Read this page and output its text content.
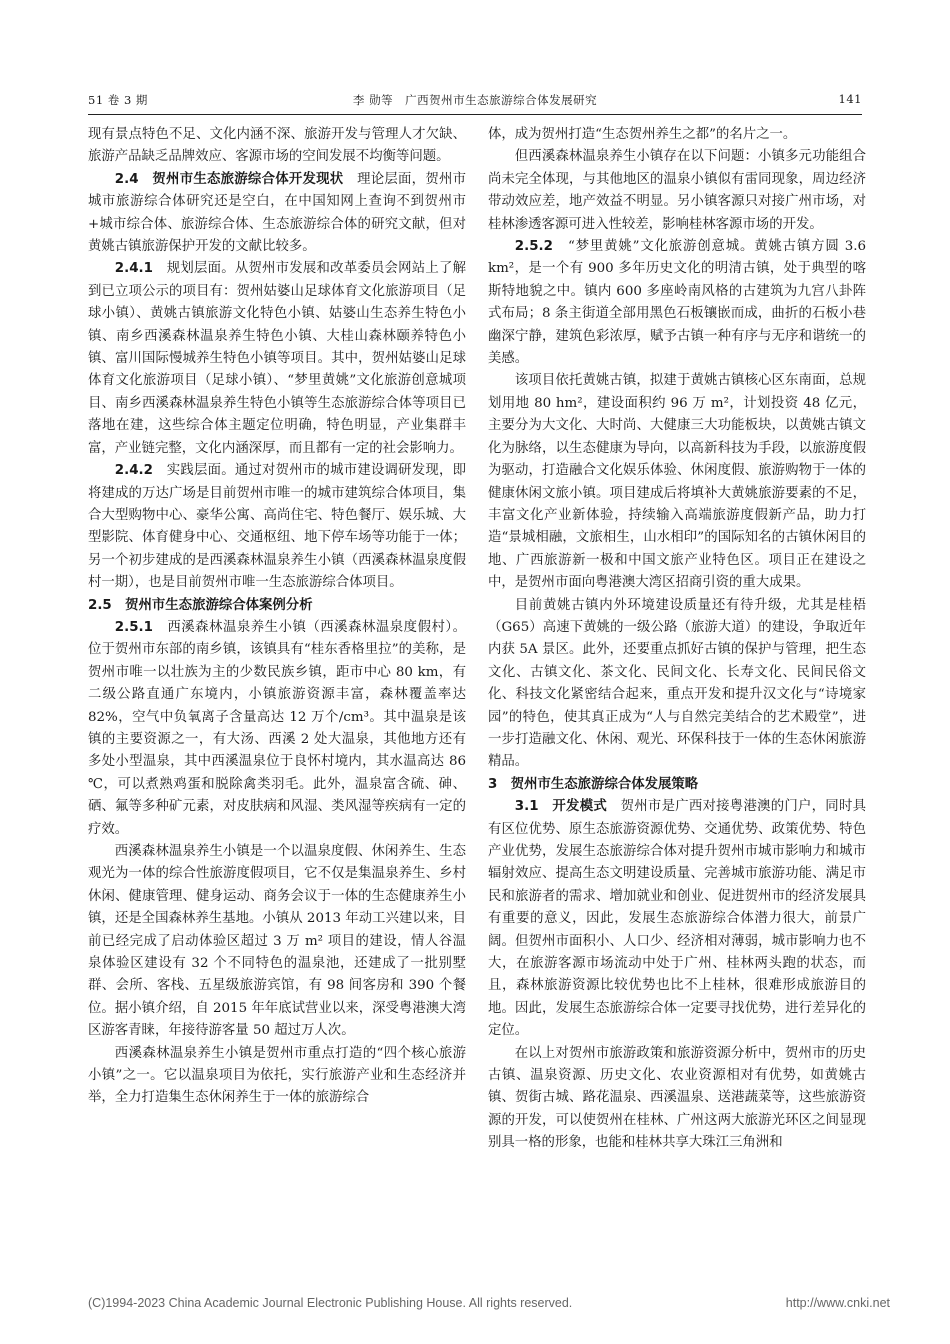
51 卷 3 期	李 勋等　广西贺州市生态旅游综合体发展研究	141

现有景点特色不足、文化内涵不深、旅游开发与管理人才欠缺、旅游产品缺乏品牌效应、客源市场的空间发展不均衡等问题。

2.4　贺州市生态旅游综合体开发现状　理论层面，贺州市城市旅游综合体研究还是空白，在中国知网上查询不到贺州市+城市综合体、旅游综合体、生态旅游综合体的研究文献，但对黄姚古镇旅游保护开发的文献比较多。

2.4.1　规划层面。从贺州市发展和改革委员会网站上了解到已立项公示的项目有：贺州姑婆山足球体育文化旅游项目（足球小镇）、黄姚古镇旅游文化特色小镇、姑婆山生态养生特色小镇、南乡西溪森林温泉养生特色小镇、大桂山森林颐养特色小镇、富川国际慢城养生特色小镇等项目。其中，贺州姑婆山足球体育文化旅游项目（足球小镇）、“梦里黄姚”文化旅游创意城项目、南乡西溪森林温泉养生特色小镇等生态旅游综合体等项目已落地在建，这些综合体主题定位明确，特色明显，产业集群丰富，产业链完整，文化内涵深厚，而且都有一定的社会影响力。

2.4.2　实践层面。通过对贺州市的城市建设调研发现，即将建成的万达广场是目前贺州市唯一的城市建筑综合体项目，集合大型购物中心、豪华公寓、高尚住宅、特色餐厅、娱乐城、大型影院、体育健身中心、交通枢纽、地下停车场等功能于一体；另一个初步建成的是西溪森林温泉养生小镇（西溪森林温泉度假村一期），也是目前贺州市唯一生态旅游综合体项目。

2.5　贺州市生态旅游综合体案例分析

2.5.1　西溪森林温泉养生小镇（西溪森林温泉度假村）。位于贺州市东部的南乡镇，该镇具有“桂东香格里拉”的美称，是贺州市唯一以壮族为主的少数民族乡镇，距市中心 80 km，有二级公路直通广东境内，小镇旅游资源丰富，森林覆盖率达 82%，空气中负氧离子含量高达 12 万个/cm³。其中温泉是该镇的主要资源之一，有大汤、西溪 2 处大温泉，其他地方还有多处小型温泉，其中西溪温泉位于良怀村境内，其水温高达 86 ℃，可以煮熟鸡蛋和脱除禽类羽毛。此外，温泉富含硫、砷、硒、氟等多种矿元素，对皮肤病和风湿、类风湿等疾病有一定的疗效。

西溪森林温泉养生小镇是一个以温泉度假、休闲养生、生态观光为一体的综合性旅游度假项目，它不仅是集温泉养生、乡村休闲、健康管理、健身运动、商务会议于一体的生态健康养生小镇，还是全国森林养生基地。小镇从 2013 年动工兴建以来，目前已经完成了启动体验区超过 3 万 m² 项目的建设，情人谷温泉体验区建设有 32 个不同特色的温泉池，还建成了一批别墅群、会所、客栈、五星级旅游宾馆，有 98 间客房和 390 个餐位。据小镇介绍，自 2015 年年底试营业以来，深受粤港澳大湾区游客青睐，年接待游客量 50 超过万人次。

西溪森林温泉养生小镇是贺州市重点打造的“四个核心旅游小镇”之一。它以温泉项目为依托，实行旅游产业和生态经济并举，全力打造集生态休闲养生于一体的旅游综合

体，成为贺州打造“生态贺州养生之都”的名片之一。

但西溪森林温泉养生小镇存在以下问题：小镇多元功能组合尚未完全体现，与其他地区的温泉小镇似有雷同现象，周边经济带动效应差，地产效益不明显。另小镇客源只对接广州市场，对桂林渗透客源可进入性较差，影响桂林客源市场的开发。

2.5.2　“梦里黄姚”文化旅游创意城。黄姚古镇方圆 3.6 km²，是一个有 900 多年历史文化的明清古镇，处于典型的喀斯特地貌之中。镇内 600 多座岭南风格的古建筑为九宫八卦阵式布局；8 条主街道全部用黑色石板镶嵌而成，曲折的石板小巷幽深宁静，建筑色彩浓厚，赋予古镇一种有序与无序和谐统一的美感。

该项目依托黄姚古镇，拟建于黄姚古镇核心区东南面，总规划用地 80 hm²，建设面积约 96 万 m²，计划投资 48 亿元，主要分为大文化、大时尚、大健康三大功能板块，以黄姚古镇文化为脉络，以生态健康为导向，以高新科技为手段，以旅游度假为驱动，打造融合文化娱乐体验、休闲度假、旅游购物于一体的健康休闲文旅小镇。项目建成后将填补大黄姚旅游要素的不足，丰富文化产业新体验，持续输入高端旅游度假新产品，助力打造“景城相融，文旅相生，山水相印”的国际知名的古镇休闲目的地、广西旅游新一极和中国文旅产业特色区。项目正在建设之中，是贺州市面向粤港澳大湾区招商引资的重大成果。

目前黄姚古镇内外环境建设质量还有待升级，尤其是桂梧（G65）高速下黄姚的一级公路（旅游大道）的建设，争取近年内获 5A 景区。此外，还要重点抓好古镇的保护与管理，把生态文化、古镇文化、茶文化、民间文化、长寿文化、民间民俗文化、科技文化紧密结合起来，重点开发和提升汉文化与“诗境家园”的特色，使其真正成为“人与自然完美结合的艺术殿堂”，进一步打造融文化、休闲、观光、环保科技于一体的生态休闲旅游精品。

3　贺州市生态旅游综合体发展策略

3.1　开发模式　贺州市是广西对接粤港澳的门户，同时具有区位优势、原生态旅游资源优势、交通优势、政策优势、特色产业优势，发展生态旅游综合体对提升贺州市城市影响力和城市辐射效应、提高生态文明建设质量、完善城市旅游功能、满足市民和旅游者的需求、增加就业和创业、促进贺州市的经济发展具有重要的意义，因此，发展生态旅游综合体潜力很大，前景广阔。但贺州市面积小、人口少、经济相对薄弱，城市影响力也不大，在旅游客源市场流动中处于广州、桂林两头跑的状态，而且，森林旅游资源比较优势也比不上桂林，很难形成旅游目的地。因此，发展生态旅游综合体一定要寻找优势，进行差异化的定位。

在以上对贺州市旅游政策和旅游资源分析中，贺州市的历史古镇、温泉资源、历史文化、农业资源相对有优势，如黄姚古镇、贺街古城、路花温泉、西溪温泉、送港蔬菜等，这些旅游资源的开发，可以使贺州在桂林、广州这两大旅游光环区之间显现别具一格的形象，也能和桂林共享大珠江三角洲和

(C)1994-2023 China Academic Journal Electronic Publishing House. All rights reserved.	http://www.cnki.net
